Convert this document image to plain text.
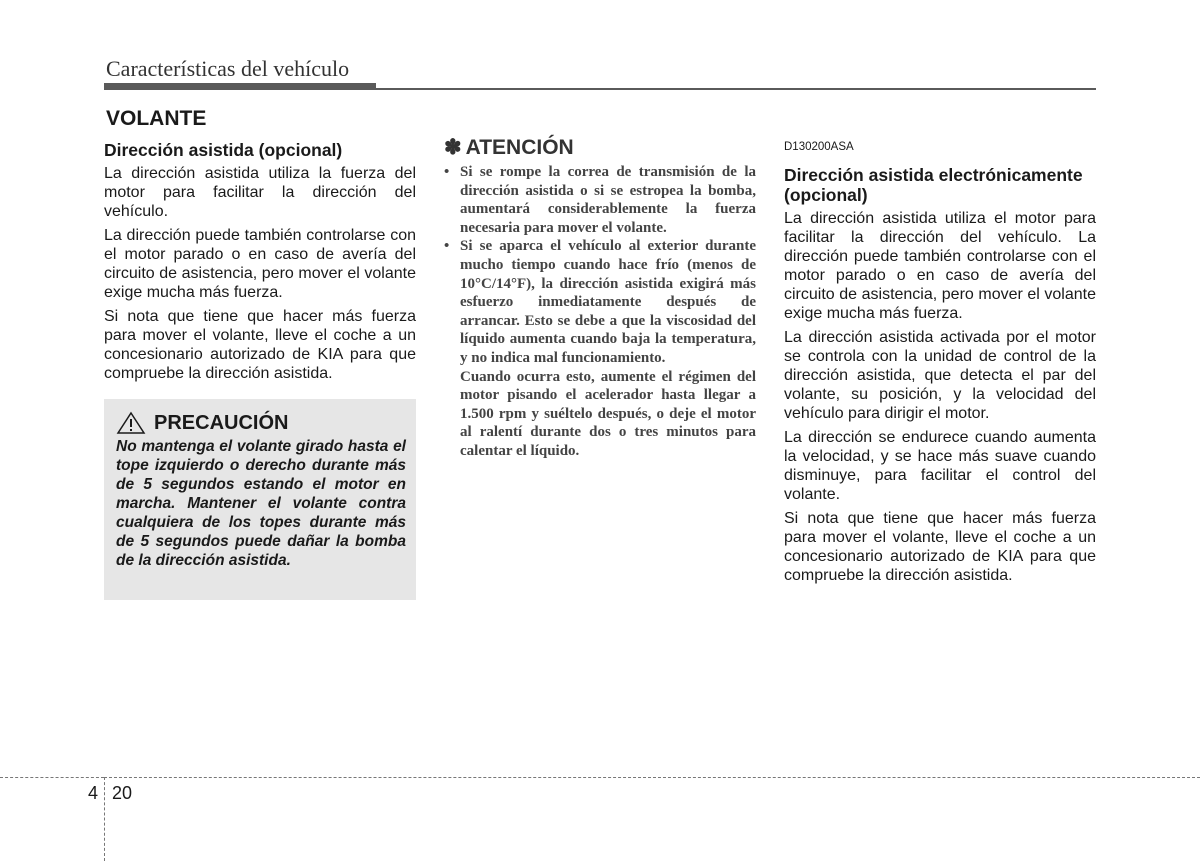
Características del vehículo
VOLANTE
Dirección asistida (opcional)

La dirección asistida utiliza la fuerza del motor para facilitar la dirección del vehículo.

La dirección puede también controlarse con el motor parado o en caso de avería del circuito de asistencia, pero mover el volante exige mucha más fuerza.

Si nota que tiene que hacer más fuerza para mover el volante, lleve el coche a un concesionario autorizado de KIA para que compruebe la dirección asistida.

PRECAUCIÓN
No mantenga el volante girado hasta el tope izquierdo o derecho durante más de 5 segundos estando el motor en marcha. Mantener el volante contra cualquiera de los topes durante más de 5 segundos puede dañar la bomba de la dirección asistida.
✽ ATENCIÓN
• Si se rompe la correa de transmisión de la dirección asistida o si se estropea la bomba, aumentará considerablemente la fuerza necesaria para mover el volante.

• Si se aparca el vehículo al exterior durante mucho tiempo cuando hace frío (menos de 10°C/14°F), la dirección asistida exigirá más esfuerzo inmediatamente después de arrancar. Esto se debe a que la viscosidad del líquido aumenta cuando baja la temperatura, y no indica mal funcionamiento.

Cuando ocurra esto, aumente el régimen del motor pisando el acelerador hasta llegar a 1.500 rpm y suéltelo después, o deje el motor al ralentí durante dos o tres minutos para calentar el líquido.

D130200ASA
Dirección asistida electrónicamente (opcional)

La dirección asistida utiliza el motor para facilitar la dirección del vehículo. La dirección puede también controlarse con el motor parado o en caso de avería del circuito de asistencia, pero mover el volante exige mucha más fuerza.

La dirección asistida activada por el motor se controla con la unidad de control de la dirección asistida, que detecta el par del volante, su posición, y la velocidad del vehículo para dirigir el motor.

La dirección se endurece cuando aumenta la velocidad, y se hace más suave cuando disminuye, para facilitar el control del volante.

Si nota que tiene que hacer más fuerza para mover el volante, lleve el coche a un concesionario autorizado de KIA para que compruebe la dirección asistida.

4 20
